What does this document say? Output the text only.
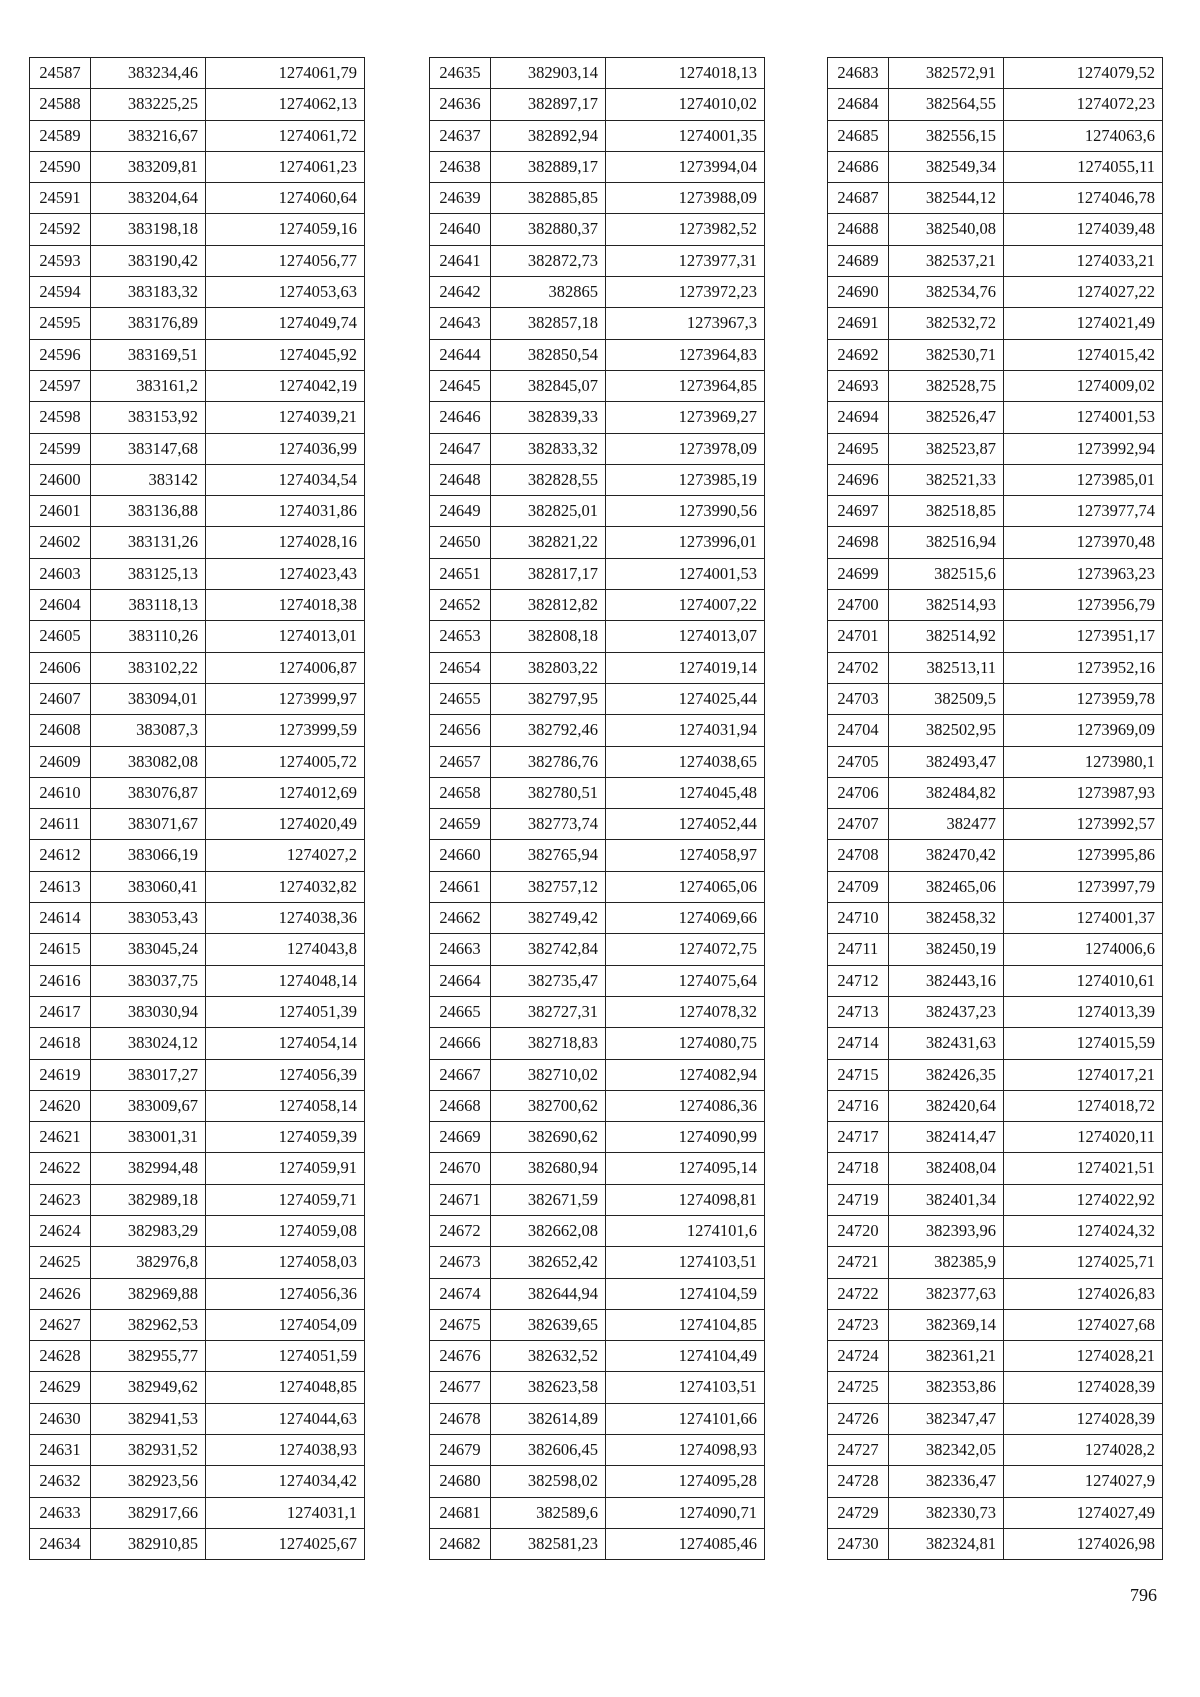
24587	383234,46	1274061,79
24588	383225,25	1274062,13
24589	383216,67	1274061,72
24590	383209,81	1274061,23
24591	383204,64	1274060,64
24592	383198,18	1274059,16
24593	383190,42	1274056,77
24594	383183,32	1274053,63
24595	383176,89	1274049,74
24596	383169,51	1274045,92
24597	383161,2	1274042,19
24598	383153,92	1274039,21
24599	383147,68	1274036,99
24600	383142	1274034,54
24601	383136,88	1274031,86
24602	383131,26	1274028,16
24603	383125,13	1274023,43
24604	383118,13	1274018,38
24605	383110,26	1274013,01
24606	383102,22	1274006,87
24607	383094,01	1273999,97
24608	383087,3	1273999,59
24609	383082,08	1274005,72
24610	383076,87	1274012,69
24611	383071,67	1274020,49
24612	383066,19	1274027,2
24613	383060,41	1274032,82
24614	383053,43	1274038,36
24615	383045,24	1274043,8
24616	383037,75	1274048,14
24617	383030,94	1274051,39
24618	383024,12	1274054,14
24619	383017,27	1274056,39
24620	383009,67	1274058,14
24621	383001,31	1274059,39
24622	382994,48	1274059,91
24623	382989,18	1274059,71
24624	382983,29	1274059,08
24625	382976,8	1274058,03
24626	382969,88	1274056,36
24627	382962,53	1274054,09
24628	382955,77	1274051,59
24629	382949,62	1274048,85
24630	382941,53	1274044,63
24631	382931,52	1274038,93
24632	382923,56	1274034,42
24633	382917,66	1274031,1
24634	382910,85	1274025,67
24635	382903,14	1274018,13
24636	382897,17	1274010,02
24637	382892,94	1274001,35
24638	382889,17	1273994,04
24639	382885,85	1273988,09
24640	382880,37	1273982,52
24641	382872,73	1273977,31
24642	382865	1273972,23
24643	382857,18	1273967,3
24644	382850,54	1273964,83
24645	382845,07	1273964,85
24646	382839,33	1273969,27
24647	382833,32	1273978,09
24648	382828,55	1273985,19
24649	382825,01	1273990,56
24650	382821,22	1273996,01
24651	382817,17	1274001,53
24652	382812,82	1274007,22
24653	382808,18	1274013,07
24654	382803,22	1274019,14
24655	382797,95	1274025,44
24656	382792,46	1274031,94
24657	382786,76	1274038,65
24658	382780,51	1274045,48
24659	382773,74	1274052,44
24660	382765,94	1274058,97
24661	382757,12	1274065,06
24662	382749,42	1274069,66
24663	382742,84	1274072,75
24664	382735,47	1274075,64
24665	382727,31	1274078,32
24666	382718,83	1274080,75
24667	382710,02	1274082,94
24668	382700,62	1274086,36
24669	382690,62	1274090,99
24670	382680,94	1274095,14
24671	382671,59	1274098,81
24672	382662,08	1274101,6
24673	382652,42	1274103,51
24674	382644,94	1274104,59
24675	382639,65	1274104,85
24676	382632,52	1274104,49
24677	382623,58	1274103,51
24678	382614,89	1274101,66
24679	382606,45	1274098,93
24680	382598,02	1274095,28
24681	382589,6	1274090,71
24682	382581,23	1274085,46
24683	382572,91	1274079,52
24684	382564,55	1274072,23
24685	382556,15	1274063,6
24686	382549,34	1274055,11
24687	382544,12	1274046,78
24688	382540,08	1274039,48
24689	382537,21	1274033,21
24690	382534,76	1274027,22
24691	382532,72	1274021,49
24692	382530,71	1274015,42
24693	382528,75	1274009,02
24694	382526,47	1274001,53
24695	382523,87	1273992,94
24696	382521,33	1273985,01
24697	382518,85	1273977,74
24698	382516,94	1273970,48
24699	382515,6	1273963,23
24700	382514,93	1273956,79
24701	382514,92	1273951,17
24702	382513,11	1273952,16
24703	382509,5	1273959,78
24704	382502,95	1273969,09
24705	382493,47	1273980,1
24706	382484,82	1273987,93
24707	382477	1273992,57
24708	382470,42	1273995,86
24709	382465,06	1273997,79
24710	382458,32	1274001,37
24711	382450,19	1274006,6
24712	382443,16	1274010,61
24713	382437,23	1274013,39
24714	382431,63	1274015,59
24715	382426,35	1274017,21
24716	382420,64	1274018,72
24717	382414,47	1274020,11
24718	382408,04	1274021,51
24719	382401,34	1274022,92
24720	382393,96	1274024,32
24721	382385,9	1274025,71
24722	382377,63	1274026,83
24723	382369,14	1274027,68
24724	382361,21	1274028,21
24725	382353,86	1274028,39
24726	382347,47	1274028,39
24727	382342,05	1274028,2
24728	382336,47	1274027,9
24729	382330,73	1274027,49
24730	382324,81	1274026,98
796
